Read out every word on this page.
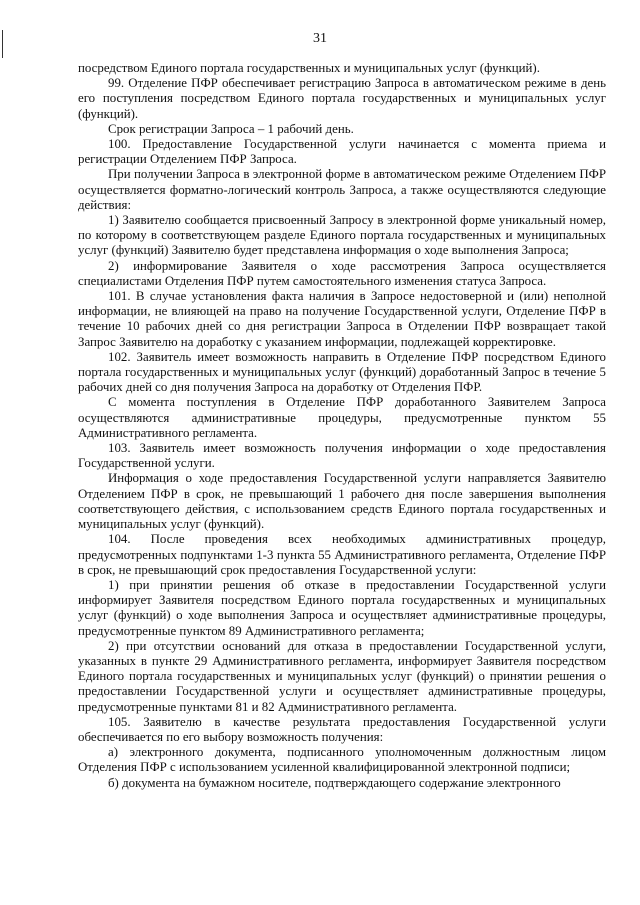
31

посредством Единого портала государственных и муниципальных услуг (функций).

99. Отделение ПФР обеспечивает регистрацию Запроса в автоматическом режиме в день его поступления посредством Единого портала государственных и муниципальных услуг (функций).

Срок регистрации Запроса – 1 рабочий день.

100. Предоставление Государственной услуги начинается с момента приема и регистрации Отделением ПФР Запроса.

При получении Запроса в электронной форме в автоматическом режиме Отделением ПФР осуществляется форматно-логический контроль Запроса, а также осуществляются следующие действия:

1) Заявителю сообщается присвоенный Запросу в электронной форме уникальный номер, по которому в соответствующем разделе Единого портала государственных и муниципальных услуг (функций) Заявителю будет представлена информация о ходе выполнения Запроса;

2) информирование Заявителя о ходе рассмотрения Запроса осуществляется специалистами Отделения ПФР путем самостоятельного изменения статуса Запроса.

101. В случае установления факта наличия в Запросе недостоверной и (или) неполной информации, не влияющей на право на получение Государственной услуги, Отделение ПФР в течение 10 рабочих дней со дня регистрации Запроса в Отделении ПФР возвращает такой Запрос Заявителю на доработку с указанием информации, подлежащей корректировке.

102. Заявитель имеет возможность направить в Отделение ПФР посредством Единого портала государственных и муниципальных услуг (функций) доработанный Запрос в течение 5 рабочих дней со дня получения Запроса на доработку от Отделения ПФР.

С момента поступления в Отделение ПФР доработанного Заявителем Запроса осуществляются административные процедуры, предусмотренные пунктом 55 Административного регламента.

103. Заявитель имеет возможность получения информации о ходе предоставления Государственной услуги.

Информация о ходе предоставления Государственной услуги направляется Заявителю Отделением ПФР в срок, не превышающий 1 рабочего дня после завершения выполнения соответствующего действия, с использованием средств Единого портала государственных и муниципальных услуг (функций).

104. После проведения всех необходимых административных процедур, предусмотренных подпунктами 1-3 пункта 55 Административного регламента, Отделение ПФР в срок, не превышающий срок предоставления Государственной услуги:

1) при принятии решения об отказе в предоставлении Государственной услуги информирует Заявителя посредством Единого портала государственных и муниципальных услуг (функций) о ходе выполнения Запроса и осуществляет административные процедуры, предусмотренные пунктом 89 Административного регламента;

2) при отсутствии оснований для отказа в предоставлении Государственной услуги, указанных в пункте 29 Административного регламента, информирует Заявителя посредством Единого портала государственных и муниципальных услуг (функций) о принятии решения о предоставлении Государственной услуги и осуществляет административные процедуры, предусмотренные пунктами 81 и 82 Административного регламента.

105. Заявителю в качестве результата предоставления Государственной услуги обеспечивается по его выбору возможность получения:

а) электронного документа, подписанного уполномоченным должностным лицом Отделения ПФР с использованием усиленной квалифицированной электронной подписи;

б) документа на бумажном носителе, подтверждающего содержание электронного
